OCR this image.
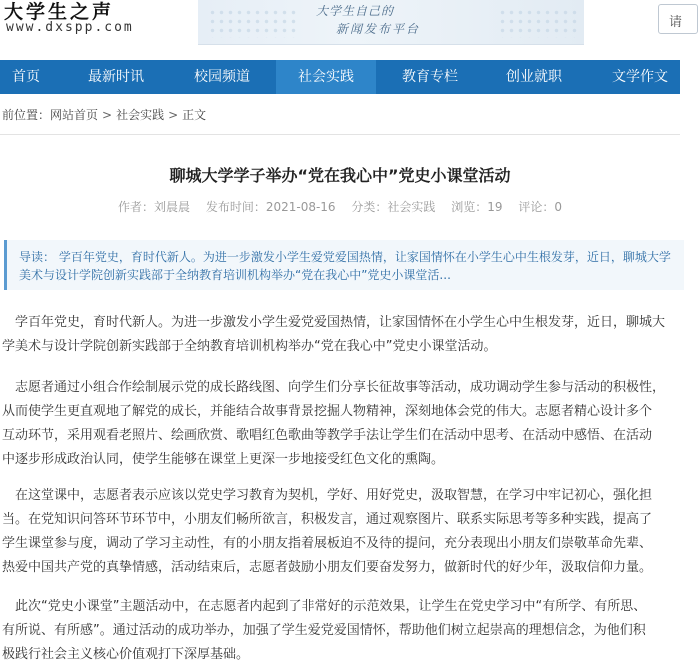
大学生之声
www.dxspp.com
大学生自己的
新闻发布平台	请
首页	最新时讯	校园频道	社会实践	教育专栏	创业就职	文学作文
前位置：网站首页 > 社会实践 > 正文
聊城大学学子举办“党在我心中”党史小课堂活动
作者：刘晨晨 发布时间：2021-08-16 分类：社会实践 浏览：19 评论：0
导读： 学百年党史，育时代新人。为进一步激发小学生爱党爱国热情，让家国情怀在小学生心中生根发芽，近日，聊城大学
美术与设计学院创新实践部于全纳教育培训机构举办“党在我心中”党史小课堂活...
　学百年党史，育时代新人。为进一步激发小学生爱党爱国热情，让家国情怀在小学生心中生根发芽，近日，聊城大
学美术与设计学院创新实践部于全纳教育培训机构举办“党在我心中”党史小课堂活动。
　志愿者通过小组合作绘制展示党的成长路线图、向学生们分享长征故事等活动，成功调动学生参与活动的积极性，
从而使学生更直观地了解党的成长，并能结合故事背景挖掘人物精神，深刻地体会党的伟大。志愿者精心设计多个
互动环节，采用观看老照片、绘画欣赏、歌唱红色歌曲等教学手法让学生们在活动中思考、在活动中感悟、在活动
中逐步形成政治认同，使学生能够在课堂上更深一步地接受红色文化的熏陶。
　在这堂课中，志愿者表示应该以党史学习教育为契机，学好、用好党史，汲取智慧，在学习中牢记初心，强化担
当。在党知识问答环节环节中，小朋友们畅所欲言，积极发言，通过观察图片、联系实际思考等多种实践，提高了
学生课堂参与度，调动了学习主动性，有的小朋友指着展板迫不及待的提问，充分表现出小朋友们崇敬革命先辈、
热爱中国共产党的真挚情感，活动结束后，志愿者鼓励小朋友们要奋发努力，做新时代的好少年，汲取信仰力量。
　此次“党史小课堂”主题活动中，在志愿者内起到了非常好的示范效果，让学生在党史学习中“有所学、有所思、
有所说、有所感”。通过活动的成功举办，加强了学生爱党爱国情怀，帮助他们树立起崇高的理想信念，为他们积
极践行社会主义核心价值观打下深厚基础。
